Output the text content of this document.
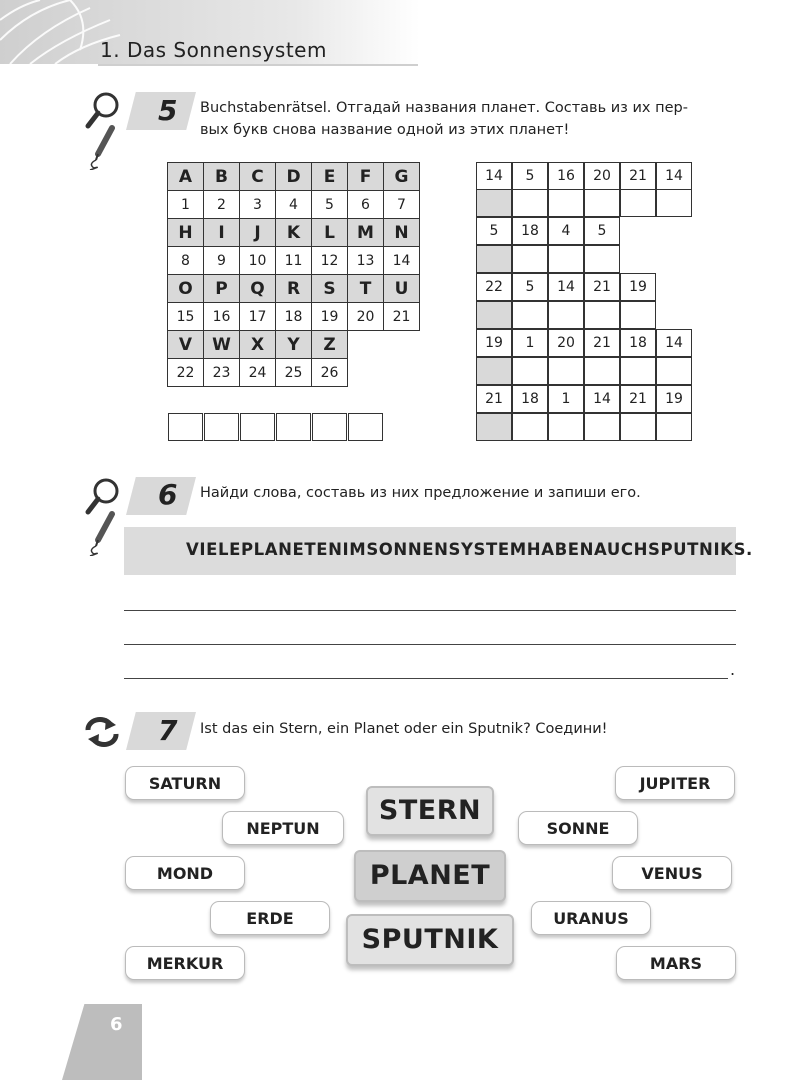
1. Das Sonnensystem
5 Buchstabenrätsel. Отгадай названия планет. Составь из их пер-
вых букв снова название одной из этих планет!
A	B	C	D	E	F	G
1	2	3	4	5	6	7
H	I	J	K	L	M	N
8	9	10	11	12	13	14
O	P	Q	R	S	T	U
15	16	17	18	19	20	21
V	W	X	Y	Z		
22	23	24	25	26		
14	5	16	20	21	14
5	18	4	5
22	5	14	21	19
19	1	20	21	18	14
21	18	1	14	21	19
6 Найди слова, составь из них предложение и запиши его.
VIELEPLANETENIMSONNENSYSTEMHABENAUCHSPUTNIKS.
.
7 Ist das ein Stern, ein Planet oder ein Sputnik? Соедини!
STERN
PLANET
SPUTNIK
SATURN
NEPTUN
MOND
ERDE
MERKUR
JUPITER
SONNE
VENUS
URANUS
MARS
6
